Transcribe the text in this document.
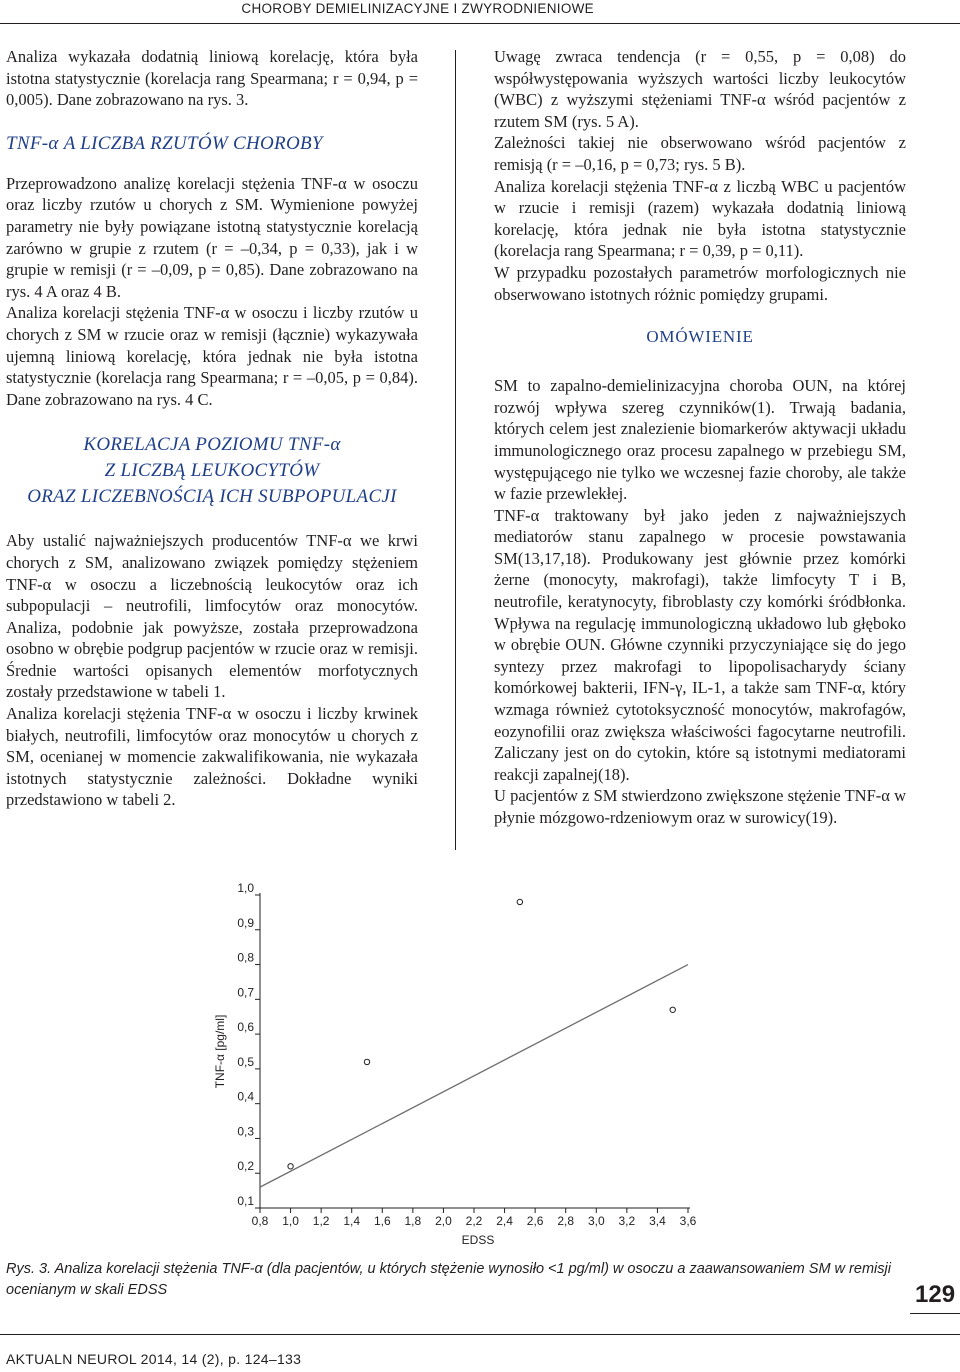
CHOROBY DEMIELINIZACYJNE I ZWYRODNIENIOWE

Analiza wykazała dodatnią liniową korelację, która była istotna statystycznie (korelacja rang Spearmana; r = 0,94, p = 0,005). Dane zobrazowano na rys. 3.

TNF-α A LICZBA RZUTÓW CHOROBY

Przeprowadzono analizę korelacji stężenia TNF-α w osoczu oraz liczby rzutów u chorych z SM. Wymienione powyżej parametry nie były powiązane istotną statystycznie korelacją zarówno w grupie z rzutem (r = –0,34, p = 0,33), jak i w grupie w remisji (r = –0,09, p = 0,85). Dane zobrazowano na rys. 4 A oraz 4 B.

Analiza korelacji stężenia TNF-α w osoczu i liczby rzutów u chorych z SM w rzucie oraz w remisji (łącznie) wykazywała ujemną liniową korelację, która jednak nie była istotna statystycznie (korelacja rang Spearmana; r = –0,05, p = 0,84). Dane zobrazowano na rys. 4 C.

KORELACJA POZIOMU TNF-α
Z LICZBĄ LEUKOCYTÓW
ORAZ LICZEBNOŚCIĄ ICH SUBPOPULACJI

Aby ustalić najważniejszych producentów TNF-α we krwi chorych z SM, analizowano związek pomiędzy stężeniem TNF-α w osoczu a liczebnością leukocytów oraz ich subpopulacji – neutrofili, limfocytów oraz monocytów. Analiza, podobnie jak powyższe, została przeprowadzona osobno w obrębie podgrup pacjentów w rzucie oraz w remisji. Średnie wartości opisanych elementów morfotycznych zostały przedstawione w tabeli 1.

Analiza korelacji stężenia TNF-α w osoczu i liczby krwinek białych, neutrofili, limfocytów oraz monocytów u chorych z SM, ocenianej w momencie zakwalifikowania, nie wykazała istotnych statystycznie zależności. Dokładne wyniki przedstawiono w tabeli 2.

Uwagę zwraca tendencja (r = 0,55, p = 0,08) do współwystępowania wyższych wartości liczby leukocytów (WBC) z wyższymi stężeniami TNF-α wśród pacjentów z rzutem SM (rys. 5 A).

Zależności takiej nie obserwowano wśród pacjentów z remisją (r = –0,16, p = 0,73; rys. 5 B).

Analiza korelacji stężenia TNF-α z liczbą WBC u pacjentów w rzucie i remisji (razem) wykazała dodatnią liniową korelację, która jednak nie była istotna statystycznie (korelacja rang Spearmana; r = 0,39, p = 0,11).

W przypadku pozostałych parametrów morfologicznych nie obserwowano istotnych różnic pomiędzy grupami.

OMÓWIENIE

SM to zapalno-demielinizacyjna choroba OUN, na której rozwój wpływa szereg czynników(1). Trwają badania, których celem jest znalezienie biomarkerów aktywacji układu immunologicznego oraz procesu zapalnego w przebiegu SM, występującego nie tylko we wczesnej fazie choroby, ale także w fazie przewlekłej.

TNF-α traktowany był jako jeden z najważniejszych mediatorów stanu zapalnego w procesie powstawania SM(13,17,18). Produkowany jest głównie przez komórki żerne (monocyty, makrofagi), także limfocyty T i B, neutrofile, keratynocyty, fibroblasty czy komórki śródbłonka. Wpływa na regulację immunologiczną układowo lub głęboko w obrębie OUN. Główne czynniki przyczyniające się do jego syntezy przez makrofagi to lipopolisacharydy ściany komórkowej bakterii, IFN-γ, IL-1, a także sam TNF-α, który wzmaga również cytotoksyczność monocytów, makrofagów, eozynofilii oraz zwiększa właściwości fagocytarne neutrofili. Zaliczany jest on do cytokin, które są istotnymi mediatorami reakcji zapalnej(18).

U pacjentów z SM stwierdzono zwiększone stężenie TNF-α w płynie mózgowo-rdzeniowym oraz w surowicy(19).

0,1
0,2
0,3
0,4
0,5
0,6
0,7
0,8
0,9
1,0
0,8 1,0 1,2 1,4 1,6 1,8 2,0 2,2 2,4 2,6 2,8 3,0 3,2 3,4 3,6
EDSS
TNF-α [pg/ml]

Rys. 3. Analiza korelacji stężenia TNF-α (dla pacjentów, u których stężenie wynosiło <1 pg/ml) w osoczu a zaawansowaniem SM w remisji ocenianym w skali EDSS	129
AKTUALN NEUROL 2014, 14 (2), p. 124–133
